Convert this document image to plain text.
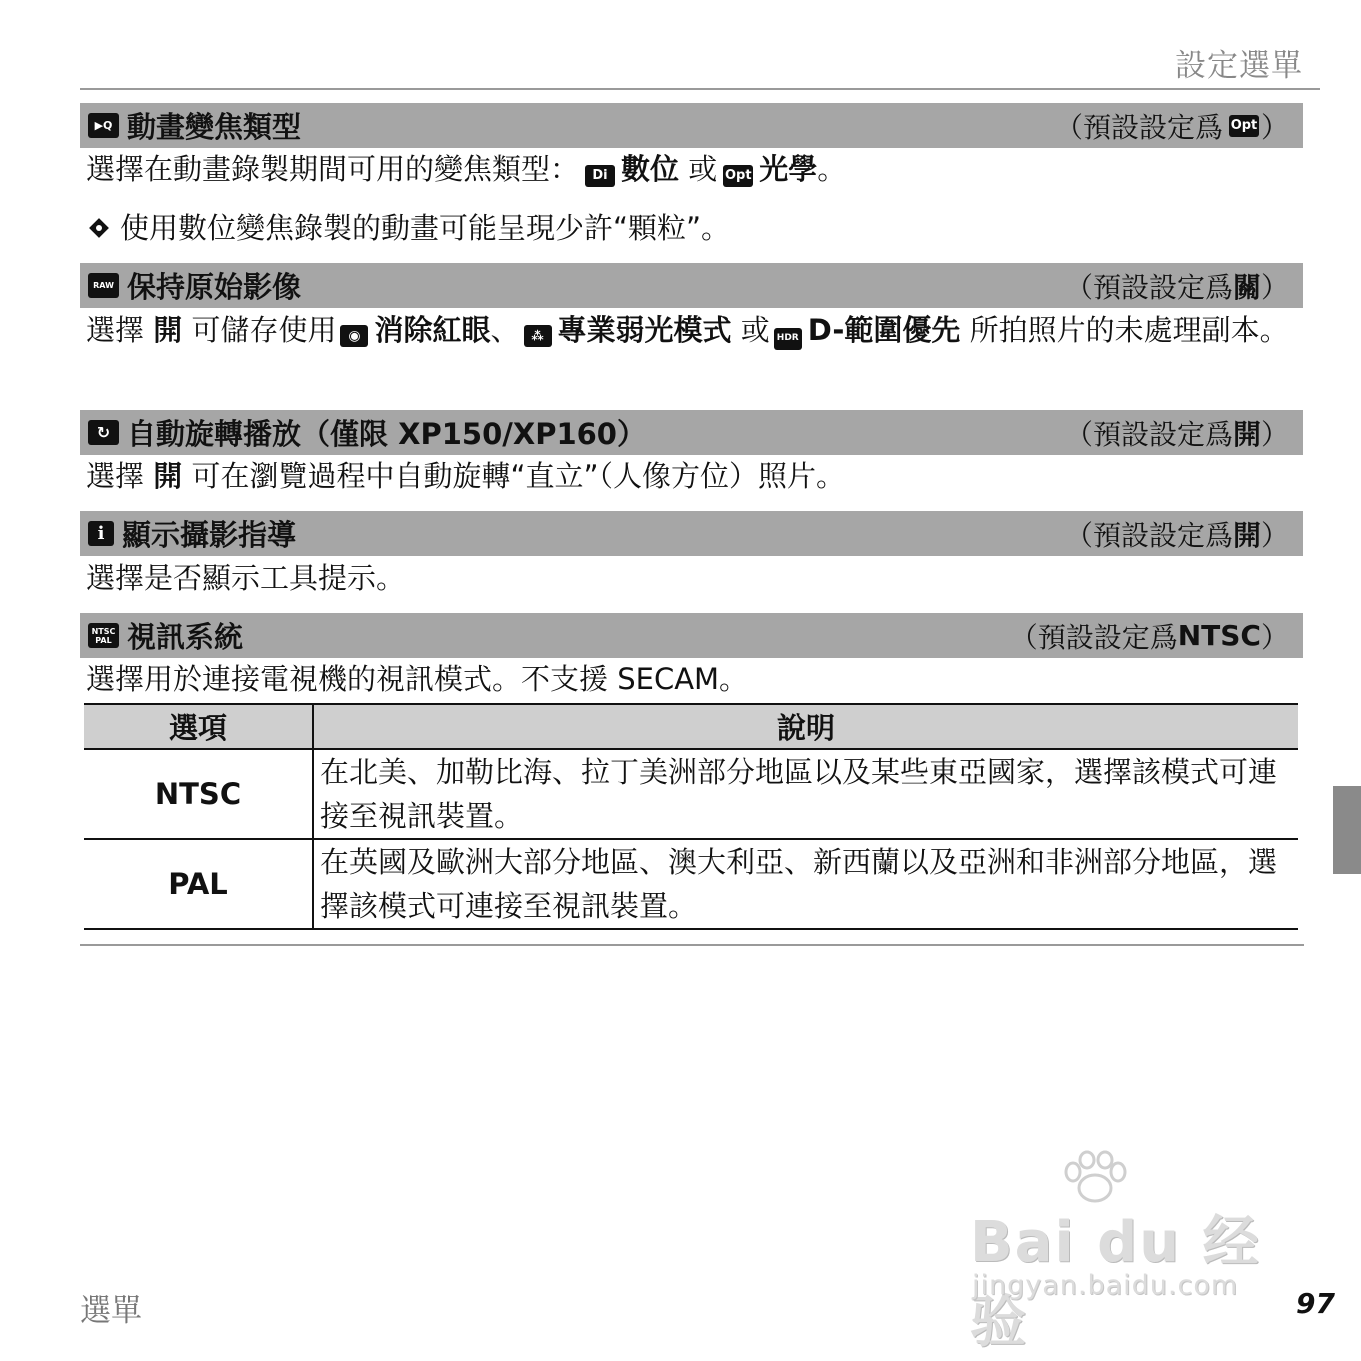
設定選單
▶Q 動畫變焦類型	（預設設定爲 Opt ）
選擇在動畫錄製期間可用的變焦類型： Di 數位 或 Opt 光學。
使用數位變焦錄製的動畫可能呈現少許“顆粒”。
RAW 保持原始影像	（預設設定爲 關 ）
選擇 開 可儲存使用 ◉ 消除紅眼、 ⁂ 專業弱光模式 或 HDR D-範圍優先 所拍照片的未處理副本。
↻ 自動旋轉播放（僅限 XP150/XP160）	（預設設定爲 開 ）
選擇 開 可在瀏覽過程中自動旋轉“直立”（人像方位）照片。
i 顯示攝影指導	（預設設定爲 開 ）
選擇是否顯示工具提示。
NTSC
PAL 視訊系統	（預設設定爲 NTSC ）
選擇用於連接電視機的視訊模式。不支援 SECAM。
選項	說明
NTSC	在北美、加勒比海、拉丁美洲部分地區以及某些東亞國家，選擇該模式可連接至視訊裝置。
PAL	在英國及歐洲大部分地區、澳大利亞、新西蘭以及亞洲和非洲部分地區，選擇該模式可連接至視訊裝置。
Bai du 经验
jingyan.baidu.com
選單	97
